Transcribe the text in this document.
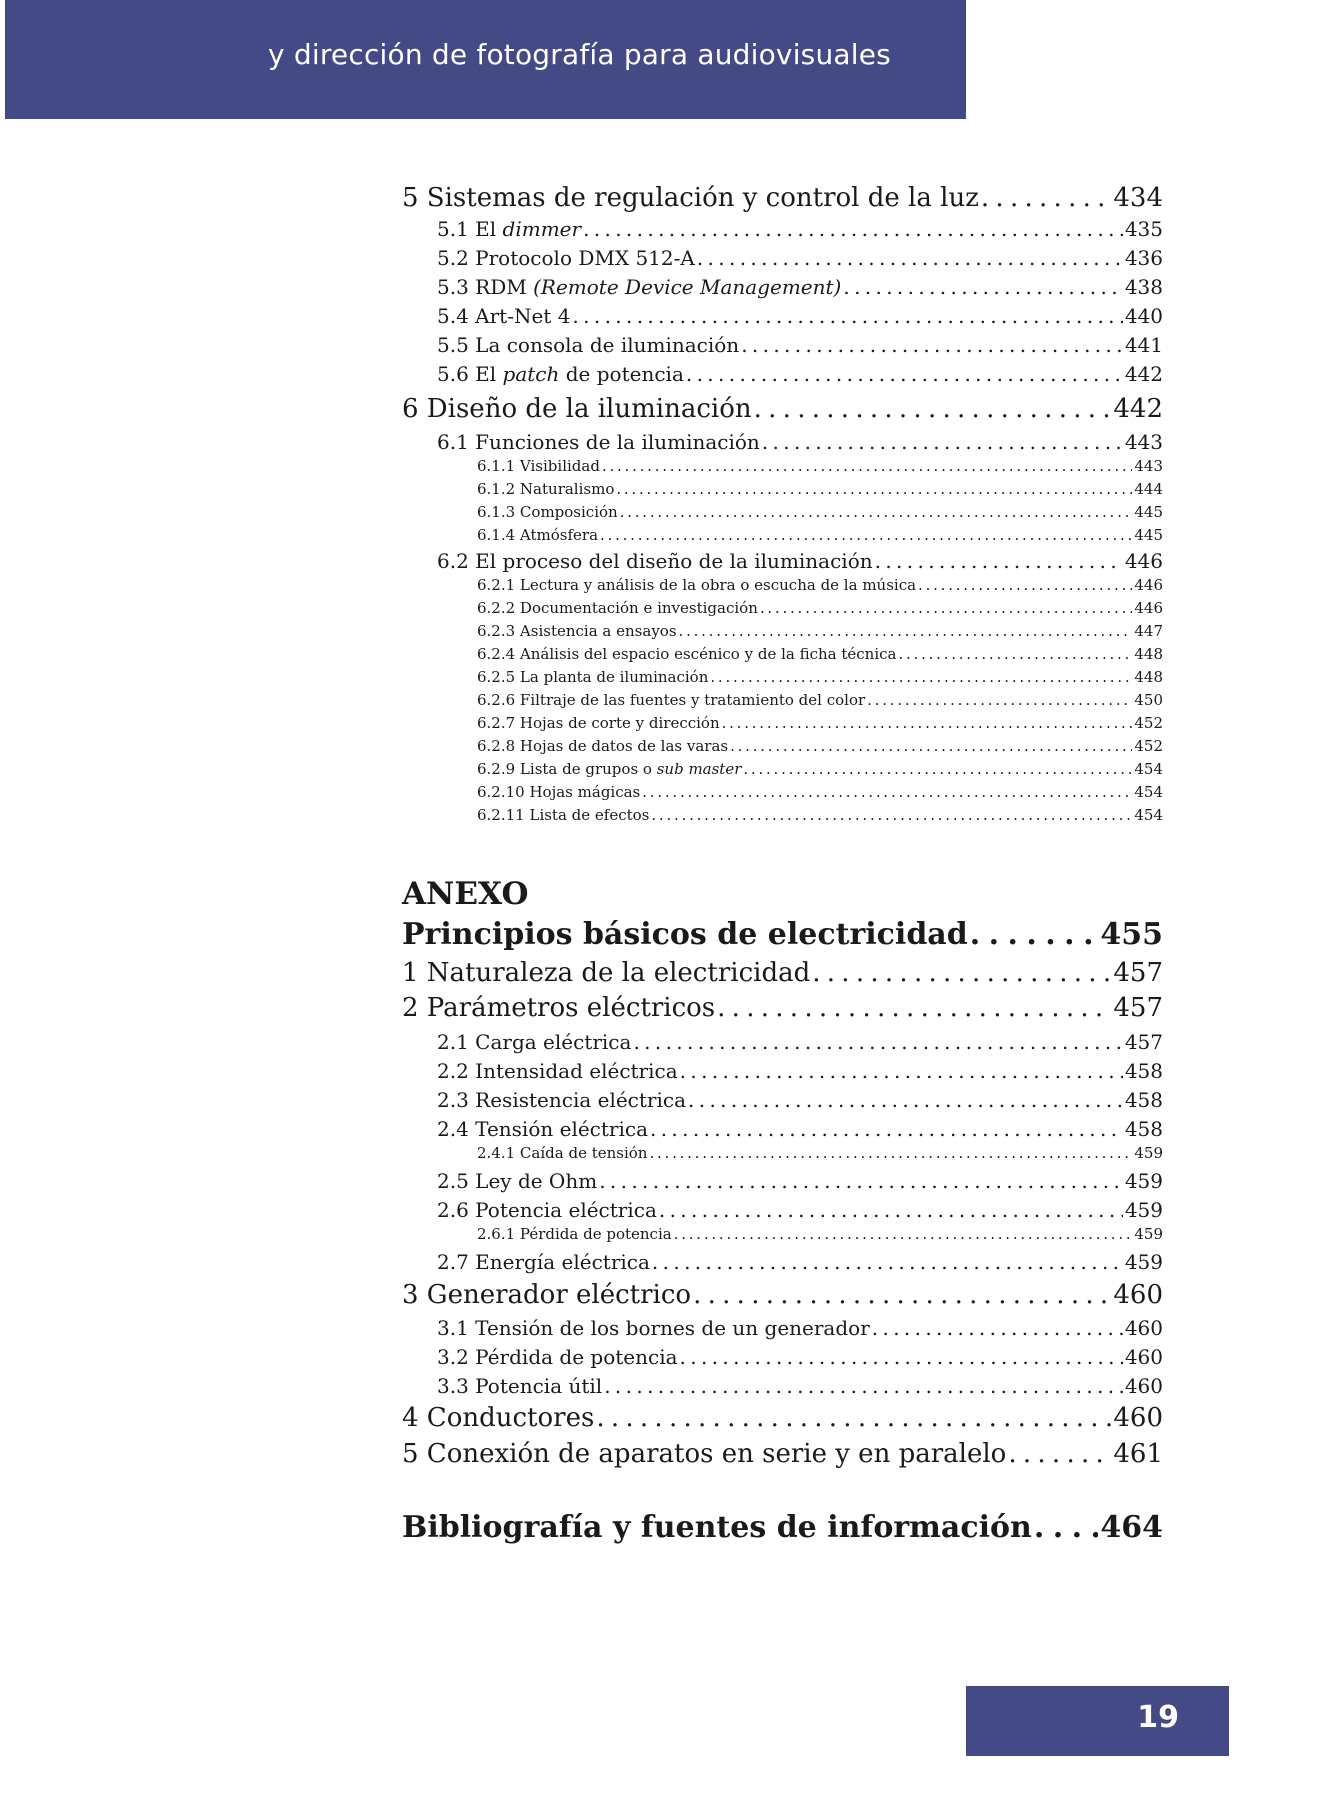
y dirección de fotografía para audiovisuales
5 Sistemas de regulación y control de la luz . . .	434
5.1 El dimmer . . .	435
5.2 Protocolo DMX 512-A . . .	436
5.3 RDM (Remote Device Management) . . .	438
5.4 Art-Net 4 . . .	440
5.5 La consola de iluminación . . .	441
5.6 El patch de potencia . . .	442
6 Diseño de la iluminación . . .	442
6.1 Funciones de la iluminación . . .	443
6.1.1 Visibilidad . . .	443
6.1.2 Naturalismo . . .	444
6.1.3 Composición . . .	445
6.1.4 Atmósfera . . .	445
6.2 El proceso del diseño de la iluminación . . .	446
6.2.1 Lectura y análisis de la obra o escucha de la música . . .	446
6.2.2 Documentación e investigación . . .	446
6.2.3 Asistencia a ensayos . . .	447
6.2.4 Análisis del espacio escénico y de la ficha técnica . . .	448
6.2.5 La planta de iluminación . . .	448
6.2.6 Filtraje de las fuentes y tratamiento del color . . .	450
6.2.7 Hojas de corte y dirección . . .	452
6.2.8 Hojas de datos de las varas . . .	452
6.2.9 Lista de grupos o sub master . . .	454
6.2.10 Hojas mágicas . . .	454
6.2.11 Lista de efectos . . .	454
ANEXO
Principios básicos de electricidad . . .	455
1 Naturaleza de la electricidad . . .	457
2 Parámetros eléctricos . . .	457
2.1 Carga eléctrica . . .	457
2.2 Intensidad eléctrica . . .	458
2.3 Resistencia eléctrica . . .	458
2.4 Tensión eléctrica . . .	458
2.4.1 Caída de tensión . . .	459
2.5 Ley de Ohm . . .	459
2.6 Potencia eléctrica . . .	459
2.6.1 Pérdida de potencia . . .	459
2.7 Energía eléctrica . . .	459
3 Generador eléctrico . . .	460
3.1 Tensión de los bornes de un generador . . .	460
3.2 Pérdida de potencia . . .	460
3.3 Potencia útil . . .	460
4 Conductores . . .	460
5 Conexión de aparatos en serie y en paralelo . . .	461
Bibliografía y fuentes de información . . . 464
19
